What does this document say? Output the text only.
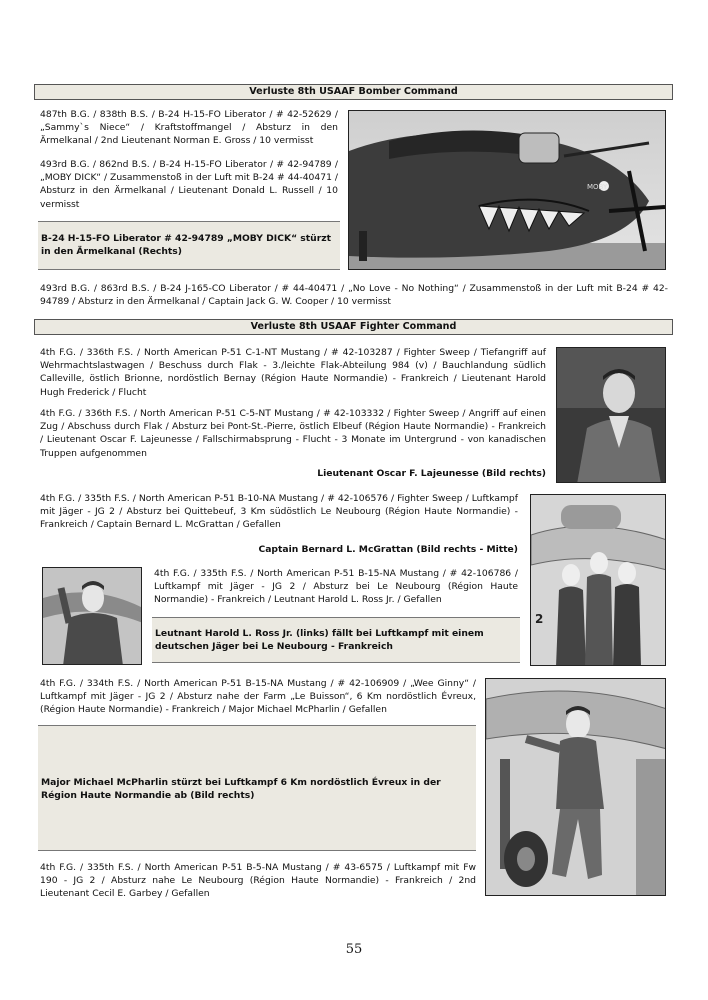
Verluste 8th USAAF Bomber Command

487th B.G. / 838th B.S. / B-24 H-15-FO Liberator / # 42-52629 / „Sammy`s Niece“ / Kraftstoffmangel / Absturz in den Ärmelkanal / 2nd Lieutenant Norman E. Gross / 10 vermisst

493rd B.G. / 862nd B.S. / B-24 H-15-FO Liberator / # 42-94789 / „MOBY DICK“ / Zusammenstoß in der Luft mit B-24 # 44-40471 / Absturz in den Ärmelkanal / Lieutenant Donald L. Russell / 10 vermisst

B-24 H-15-FO Liberator # 42-94789 „MOBY DICK“ stürzt in den Ärmelkanal (Rechts)
MOBY

493rd B.G. / 863rd B.S. / B-24 J-165-CO Liberator / # 44-40471 / „No Love - No Nothing“ / Zusammenstoß in der Luft mit B-24 # 42-94789 / Absturz in den Ärmelkanal / Captain Jack G. W. Cooper / 10 vermisst

Verluste 8th USAAF Fighter Command

4th F.G. / 336th F.S. / North American P-51 C-1-NT Mustang / # 42-103287 / Fighter Sweep / Tiefangriff auf Wehrmachtslastwagen / Beschuss durch Flak - 3./leichte Flak-Abteilung 984 (v) / Bauchlandung südlich Calleville, östlich Brionne, nordöstlich Bernay (Région Haute Normandie) - Frankreich / Lieutenant Harold Hugh Frederick / Flucht

4th F.G. / 336th F.S. / North American P-51 C-5-NT Mustang / # 42-103332 / Fighter Sweep / Angriff auf einen Zug / Abschuss durch Flak / Absturz bei Pont-St.-Pierre, östlich Elbeuf (Région Haute Normandie) - Frankreich / Lieutenant Oscar F. Lajeunesse / Fallschirmabsprung - Flucht - 3 Monate im Untergrund - von kanadischen Truppen aufgenommen

Lieutenant Oscar F. Lajeunesse (Bild rechts)

4th F.G. / 335th F.S. / North American P-51 B-10-NA Mustang / # 42-106576 / Fighter Sweep / Luftkampf mit Jäger - JG 2 / Absturz bei Quittebeuf, 3 Km südöstlich Le Neubourg (Région Haute Normandie) - Frankreich / Captain Bernard L. McGrattan / Gefallen

Captain Bernard L. McGrattan (Bild rechts - Mitte)
2

4th F.G. / 335th F.S. / North American P-51 B-15-NA Mustang / # 42-106786 / Luftkampf mit Jäger - JG 2 / Absturz bei Le Neubourg (Région Haute Normandie) - Frankreich / Leutnant Harold L. Ross Jr. / Gefallen

Leutnant Harold L. Ross Jr. (links) fällt bei Luftkampf mit einem deutschen Jäger bei Le Neubourg - Frankreich

4th F.G. / 334th F.S. / North American P-51 B-15-NA Mustang / # 42-106909 / „Wee Ginny“ / Luftkampf mit Jäger - JG 2 / Absturz nahe der Farm „Le Buisson“, 6 Km nordöstlich Évreux, (Région Haute Normandie) - Frankreich / Major Michael McPharlin / Gefallen

Major Michael McPharlin stürzt bei Luftkampf 6 Km nordöstlich Évreux in der Région Haute Normandie ab (Bild rechts)

4th F.G. / 335th F.S. / North American P-51 B-5-NA Mustang / # 43-6575 / Luftkampf mit Fw 190 - JG 2 / Absturz nahe Le Neubourg (Région Haute Normandie) - Frankreich / 2nd Lieutenant Cecil E. Garbey / Gefallen

55
